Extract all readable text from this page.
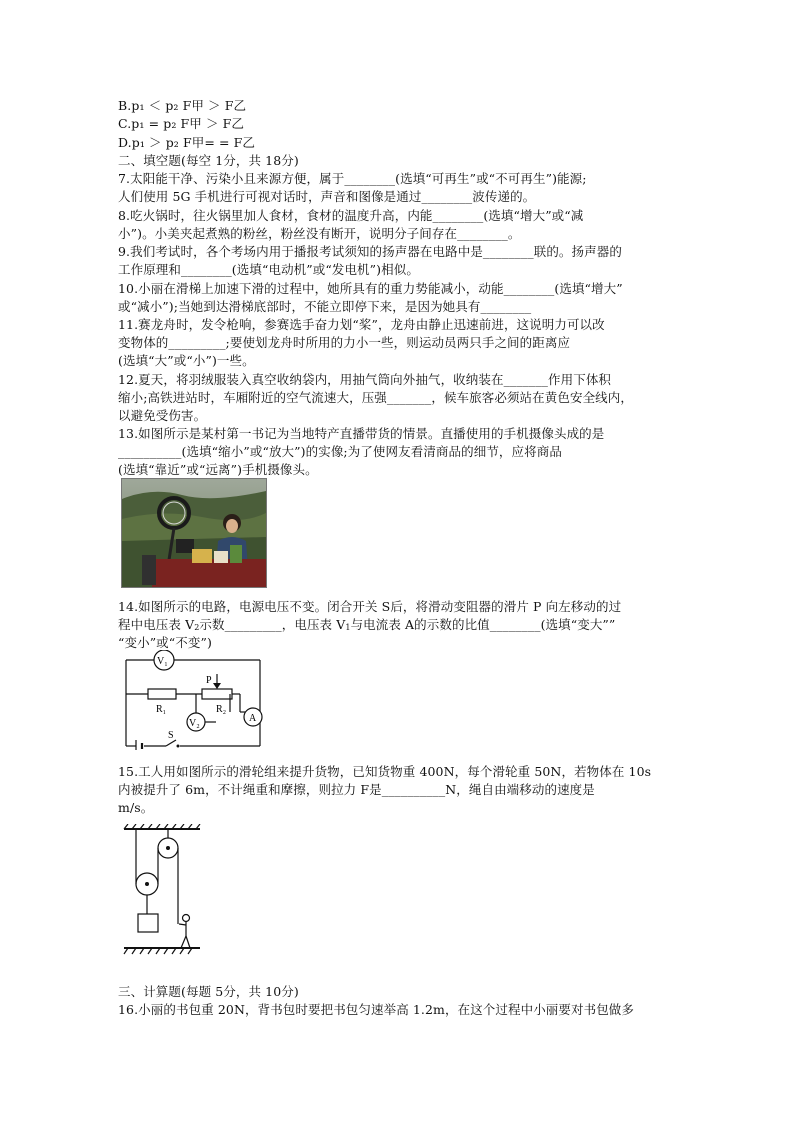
B.p₁ ＜ p₂ F甲 ＞ F乙
C.p₁ = p₂ F甲 ＞ F乙
D.p₁ ＞ p₂ F甲= = F乙
二、填空题(每空 1分，共 18分)
7.太阳能干净、污染小且来源方便，属于________(选填“可再生”或“不可再生”)能源;
人们使用 5G 手机进行可视对话时，声音和图像是通过________波传递的。
8.吃火锅时，往火锅里加人食材，食材的温度升高，内能________(选填“增大”或“减
小”)。小美夹起煮熟的粉丝，粉丝没有断开，说明分子间存在________。
9.我们考试时，各个考场内用于播报考试须知的扬声器在电路中是________联的。扬声器的
工作原理和________(选填“电动机”或“发电机”)相似。
10.小丽在滑梯上加速下滑的过程中，她所具有的重力势能减小，动能________(选填“增大”
或“减小”);当她到达滑梯底部时，不能立即停下来，是因为她具有________
11.赛龙舟时，发令枪响，参赛选手奋力划“桨”，龙舟由静止迅速前进，这说明力可以改
变物体的_________;要使划龙舟时所用的力小一些，则运动员两只手之间的距离应
(选填“大”或“小”)一些。
12.夏天，将羽绒服装入真空收纳袋内，用抽气筒向外抽气，收纳装在_______作用下体积
缩小;高铁进站时，车厢附近的空气流速大，压强_______，候车旅客必须站在黄色安全线内，
以避免受伤害。
13.如图所示是某村第一书记为当地特产直播带货的情景。直播使用的手机摄像头成的是
__________(选填“缩小”或“放大”)的实像;为了使网友看清商品的细节，应将商品
(选填“靠近”或“远离”)手机摄像头。
14.如图所示的电路，电源电压不变。闭合开关 S后，将滑动变阻器的滑片 P 向左移动的过
程中电压表 V2示数_________，电压表 V1与电流表 A的示数的比值________(选填“变大””
“变小”或“不变”)
V₁
V₂	A
R₁	R₂
P
S
15.工人用如图所示的滑轮组来提升货物，已知货物重 400N，每个滑轮重 50N，若物体在 10s
内被提升了 6m，不计绳重和摩擦，则拉力 F是__________N，绳自由端移动的速度是
m/s。
三、计算题(每题 5分，共 10分)
16.小丽的书包重 20N，背书包时要把书包匀速举高 1.2m，在这个过程中小丽要对书包做多
